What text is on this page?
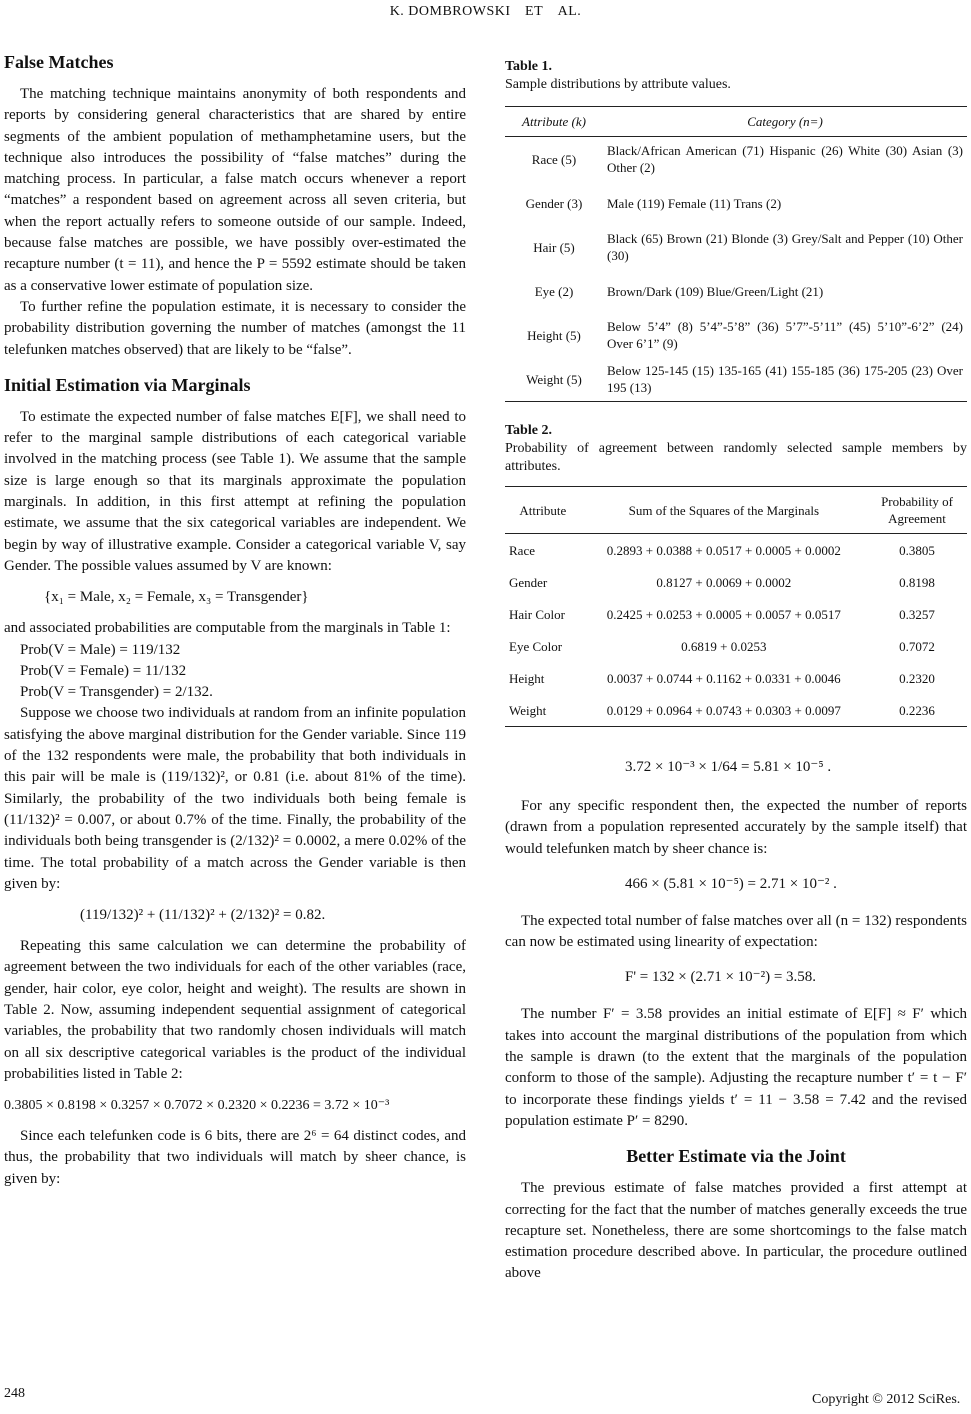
K. DOMBROWSKI ET AL.
False Matches

The matching technique maintains anonymity of both respondents and reports by considering general characteristics that are shared by entire segments of the ambient population of methamphetamine users, but the technique also introduces the possibility of “false matches” during the matching process. In particular, a false match occurs whenever a report “matches” a respondent based on agreement across all seven criteria, but when the report actually refers to someone outside of our sample. Indeed, because false matches are possible, we have possibly over-estimated the recapture number (t = 11), and hence the P = 5592 estimate should be taken as a conservative lower estimate of population size.

To further refine the population estimate, it is necessary to consider the probability distribution governing the number of matches (amongst the 11 telefunken matches observed) that are likely to be “false”.

Initial Estimation via Marginals

To estimate the expected number of false matches E[F], we shall need to refer to the marginal sample distributions of each categorical variable involved in the matching process (see Table 1). We assume that the sample size is large enough so that its marginals approximate the population marginals. In addition, in this first attempt at refining the population estimate, we assume that the six categorical variables are independent. We begin by way of illustrative example. Consider a categorical variable V, say Gender. The possible values assumed by V are known:

{x₁ = Male, x₂ = Female, x₃ = Transgender}

and associated probabilities are computable from the marginals in Table 1:

Prob(V = Male) = 119/132

Prob(V = Female) = 11/132

Prob(V = Transgender) = 2/132.

Suppose we choose two individuals at random from an infinite population satisfying the above marginal distribution for the Gender variable. Since 119 of the 132 respondents were male, the probability that both individuals in this pair will be male is (119/132)², or 0.81 (i.e. about 81% of the time). Similarly, the probability of the two individuals both being female is (11/132)² = 0.007, or about 0.7% of the time. Finally, the probability of the individuals both being transgender is (2/132)² = 0.0002, a mere 0.02% of the time. The total probability of a match across the Gender variable is then given by:

(119/132)² + (11/132)² + (2/132)² = 0.82.

Repeating this same calculation we can determine the probability of agreement between the two individuals for each of the other variables (race, gender, hair color, eye color, height and weight). The results are shown in Table 2. Now, assuming independent sequential assignment of categorical variables, the probability that two randomly chosen individuals will match on all six descriptive categorical variables is the product of the individual probabilities listed in Table 2:

0.3805 × 0.8198 × 0.3257 × 0.7072 × 0.2320 × 0.2236 = 3.72 × 10⁻³

Since each telefunken code is 6 bits, there are 2⁶ = 64 distinct codes, and thus, the probability that two individuals will match by sheer chance, is given by:

Table 1.

Sample distributions by attribute values.

Attribute (k)	Category (n=)
Race (5)	Black/African American (71) Hispanic (26) White (30) Asian (3) Other (2)
Gender (3)	Male (119) Female (11) Trans (2)
Hair (5)	Black (65) Brown (21) Blonde (3) Grey/Salt and Pepper (10) Other (30)
Eye (2)	Brown/Dark (109) Blue/Green/Light (21)
Height (5)	Below 5’4” (8) 5’4”-5’8” (36) 5’7”-5’11” (45) 5’10”-6’2” (24) Over 6’1” (9)
Weight (5)	Below 125-145 (15) 135-165 (41) 155-185 (36) 175-205 (23) Over 195 (13)

Table 2.

Probability of agreement between randomly selected sample members by attributes.

Attribute	Sum of the Squares of the Marginals	Probability of Agreement
Race	0.2893 + 0.0388 + 0.0517 + 0.0005 + 0.0002	0.3805
Gender	0.8127 + 0.0069 + 0.0002	0.8198
Hair Color	0.2425 + 0.0253 + 0.0005 + 0.0057 + 0.0517	0.3257
Eye Color	0.6819 + 0.0253	0.7072
Height	0.0037 + 0.0744 + 0.1162 + 0.0331 + 0.0046	0.2320
Weight	0.0129 + 0.0964 + 0.0743 + 0.0303 + 0.0097	0.2236
3.72 × 10⁻³ × 1/64 = 5.81 × 10⁻⁵ .

For any specific respondent then, the expected the number of reports (drawn from a population represented accurately by the sample itself) that would telefunken match by sheer chance is:

466 × (5.81 × 10⁻⁵) = 2.71 × 10⁻² .

The expected total number of false matches over all (n = 132) respondents can now be estimated using linearity of expectation:

F' = 132 × (2.71 × 10⁻²) = 3.58.

The number F′ = 3.58 provides an initial estimate of E[F] ≈ F′ which takes into account the marginal distributions of the population from which the sample is drawn (to the extent that the marginals of the population conform to those of the sample). Adjusting the recapture number t′ = t − F′ to incorporate these findings yields t′ = 11 − 3.58 = 7.42 and the revised population estimate P′ = 8290.

Better Estimate via the Joint

The previous estimate of false matches provided a first attempt at correcting for the fact that the number of matches generally exceeds the true recapture set. Nonetheless, there are some shortcomings to the false match estimation procedure described above. In particular, the procedure outlined above

248	Copyright © 2012 SciRes.
